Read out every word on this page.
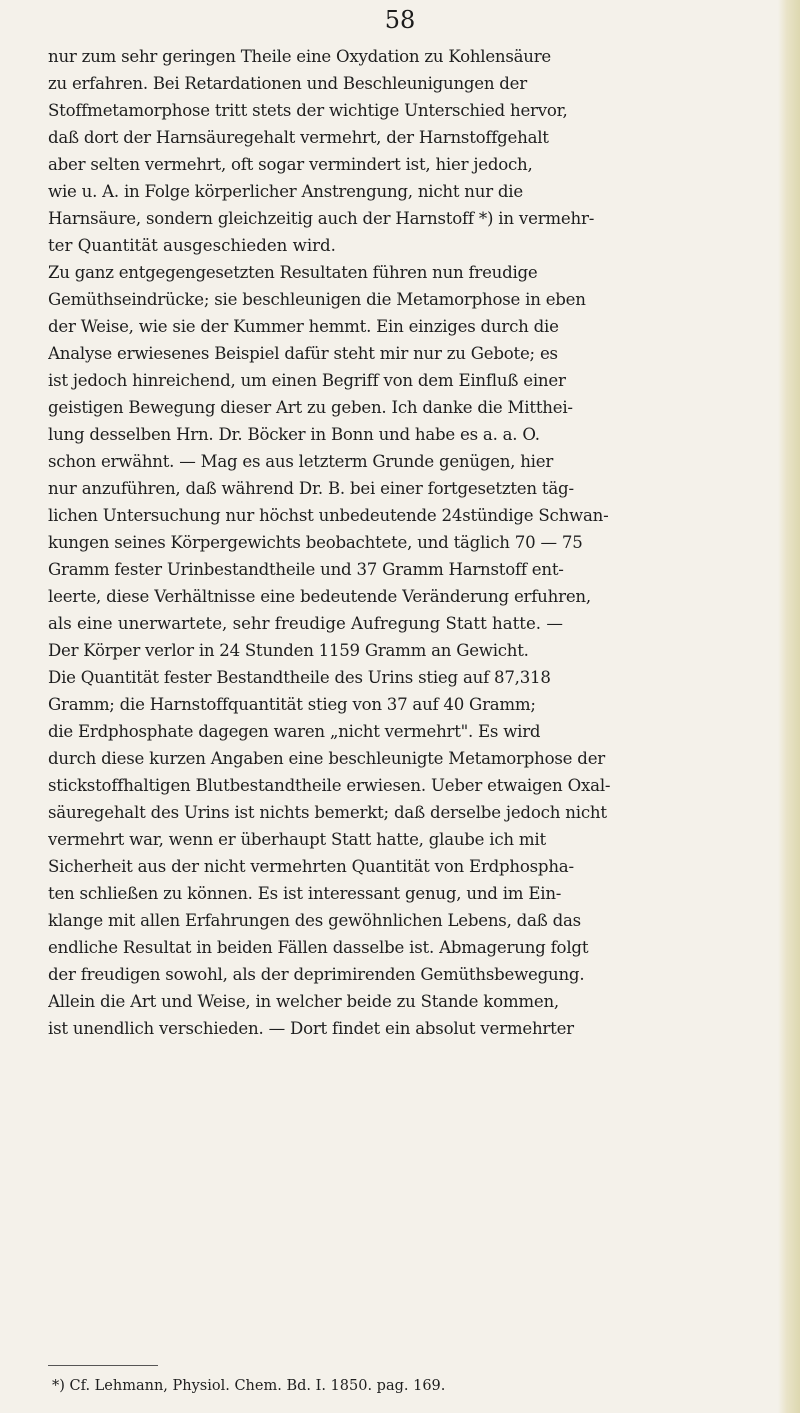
58
nur zum sehr geringen Theile eine Oxydation zu Kohlensäure
zu erfahren. Bei Retardationen und Beschleunigungen der
Stoffmetamorphose tritt stets der wichtige Unterschied hervor,
daß dort der Harnsäuregehalt vermehrt, der Harnstoffgehalt
aber selten vermehrt, oft sogar vermindert ist, hier jedoch,
wie u. A. in Folge körperlicher Anstrengung, nicht nur die
Harnsäure, sondern gleichzeitig auch der Harnstoff *) in vermehr-
ter Quantität ausgeschieden wird.
Zu ganz entgegengesetzten Resultaten führen nun freudige
Gemüthseindrücke; sie beschleunigen die Metamorphose in eben
der Weise, wie sie der Kummer hemmt. Ein einziges durch die
Analyse erwiesenes Beispiel dafür steht mir nur zu Gebote; es
ist jedoch hinreichend, um einen Begriff von dem Einfluß einer
geistigen Bewegung dieser Art zu geben. Ich danke die Mitthei-
lung desselben Hrn. Dr. Böcker in Bonn und habe es a. a. O.
schon erwähnt. — Mag es aus letzterm Grunde genügen, hier
nur anzuführen, daß während Dr. B. bei einer fortgesetzten täg-
lichen Untersuchung nur höchst unbedeutende 24stündige Schwan-
kungen seines Körpergewichts beobachtete, und täglich 70 — 75
Gramm fester Urinbestandtheile und 37 Gramm Harnstoff ent-
leerte, diese Verhältnisse eine bedeutende Veränderung erfuhren,
als eine unerwartete, sehr freudige Aufregung Statt hatte. —
Der Körper verlor in 24 Stunden 1159 Gramm an Gewicht.
Die Quantität fester Bestandtheile des Urins stieg auf 87,318
Gramm; die Harnstoffquantität stieg von 37 auf 40 Gramm;
die Erdphosphate dagegen waren „nicht vermehrt". Es wird
durch diese kurzen Angaben eine beschleunigte Metamorphose der
stickstoffhaltigen Blutbestandtheile erwiesen. Ueber etwaigen Oxal-
säuregehalt des Urins ist nichts bemerkt; daß derselbe jedoch nicht
vermehrt war, wenn er überhaupt Statt hatte, glaube ich mit
Sicherheit aus der nicht vermehrten Quantität von Erdphospha-
ten schließen zu können. Es ist interessant genug, und im Ein-
klange mit allen Erfahrungen des gewöhnlichen Lebens, daß das
endliche Resultat in beiden Fällen dasselbe ist. Abmagerung folgt
der freudigen sowohl, als der deprimirenden Gemüthsbewegung.
Allein die Art und Weise, in welcher beide zu Stande kommen,
ist unendlich verschieden. — Dort findet ein absolut vermehrter
*) Cf. Lehmann, Physiol. Chem. Bd. I. 1850. pag. 169.
